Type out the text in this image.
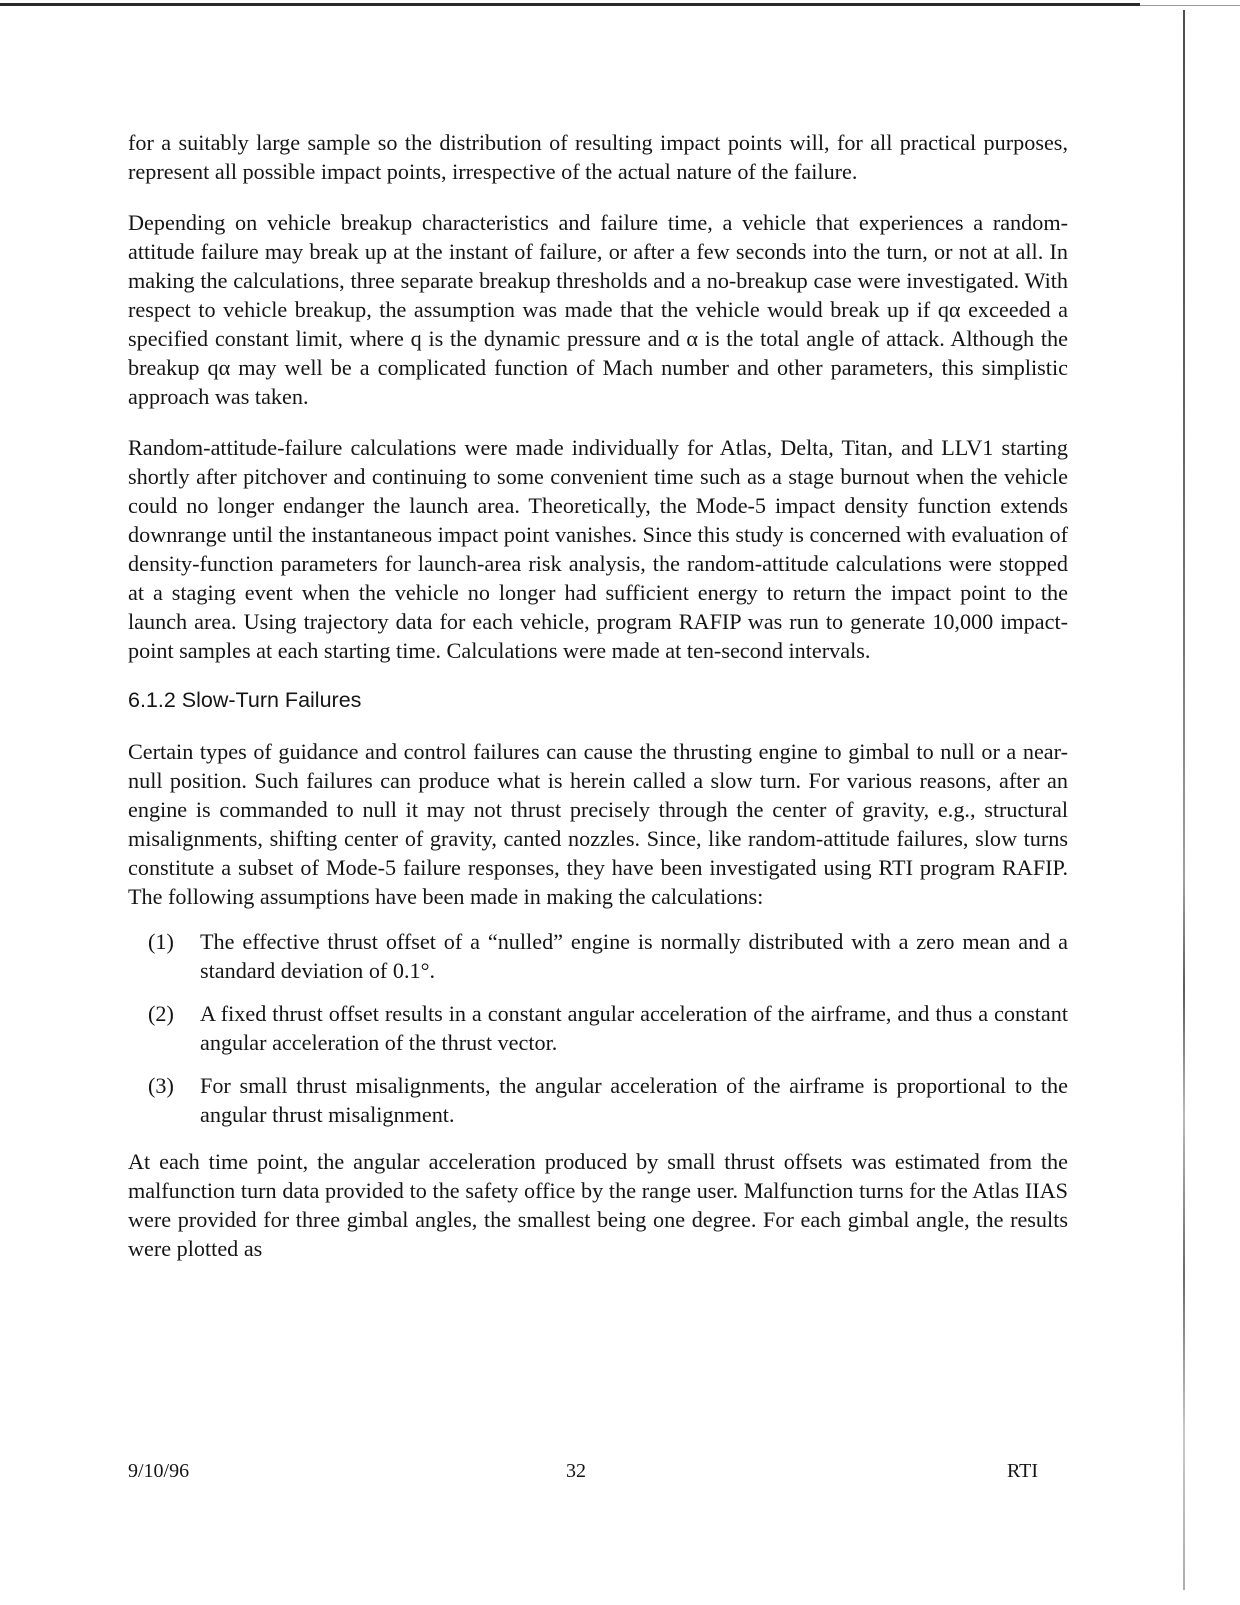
for a suitably large sample so the distribution of resulting impact points will, for all practical purposes, represent all possible impact points, irrespective of the actual nature of the failure.

Depending on vehicle breakup characteristics and failure time, a vehicle that experiences a random-attitude failure may break up at the instant of failure, or after a few seconds into the turn, or not at all. In making the calculations, three separate breakup thresholds and a no-breakup case were investigated. With respect to vehicle breakup, the assumption was made that the vehicle would break up if qα exceeded a specified constant limit, where q is the dynamic pressure and α is the total angle of attack. Although the breakup qα may well be a complicated function of Mach number and other parameters, this simplistic approach was taken.

Random-attitude-failure calculations were made individually for Atlas, Delta, Titan, and LLV1 starting shortly after pitchover and continuing to some convenient time such as a stage burnout when the vehicle could no longer endanger the launch area. Theoretically, the Mode-5 impact density function extends downrange until the instantaneous impact point vanishes. Since this study is concerned with evaluation of density-function parameters for launch-area risk analysis, the random-attitude calculations were stopped at a staging event when the vehicle no longer had sufficient energy to return the impact point to the launch area. Using trajectory data for each vehicle, program RAFIP was run to generate 10,000 impact-point samples at each starting time. Calculations were made at ten-second intervals.

6.1.2 Slow-Turn Failures

Certain types of guidance and control failures can cause the thrusting engine to gimbal to null or a near-null position. Such failures can produce what is herein called a slow turn. For various reasons, after an engine is commanded to null it may not thrust precisely through the center of gravity, e.g., structural misalignments, shifting center of gravity, canted nozzles. Since, like random-attitude failures, slow turns constitute a subset of Mode-5 failure responses, they have been investigated using RTI program RAFIP. The following assumptions have been made in making the calculations:

(1) The effective thrust offset of a “nulled” engine is normally distributed with a zero mean and a standard deviation of 0.1°.
(2) A fixed thrust offset results in a constant angular acceleration of the airframe, and thus a constant angular acceleration of the thrust vector.
(3) For small thrust misalignments, the angular acceleration of the airframe is proportional to the angular thrust misalignment.

At each time point, the angular acceleration produced by small thrust offsets was estimated from the malfunction turn data provided to the safety office by the range user. Malfunction turns for the Atlas IIAS were provided for three gimbal angles, the smallest being one degree. For each gimbal angle, the results were plotted as

9/10/96	32	RTI
